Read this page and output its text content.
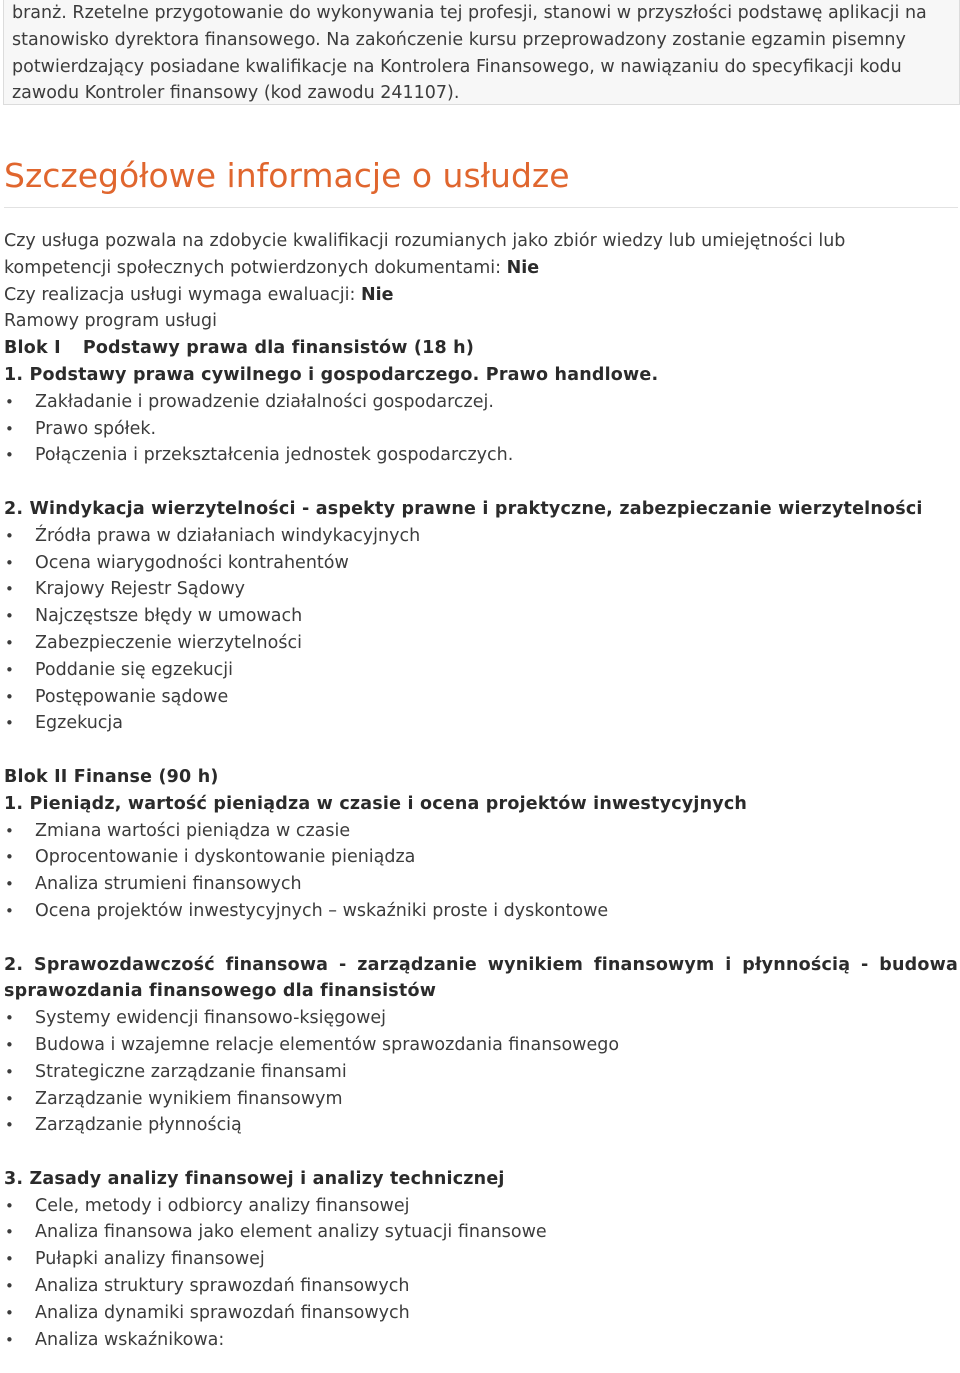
branż. Rzetelne przygotowanie do wykonywania tej profesji, stanowi w przyszłości podstawę aplikacji na stanowisko dyrektora finansowego. Na zakończenie kursu przeprowadzony zostanie egzamin pisemny potwierdzający posiadane kwalifikacje na Kontrolera Finansowego, w nawiązaniu do specyfikacji kodu zawodu Kontroler finansowy (kod zawodu 241107).

Szczegółowe informacje o usłudze

Czy usługa pozwala na zdobycie kwalifikacji rozumianych jako zbiór wiedzy lub umiejętności lub kompetencji społecznych potwierdzonych dokumentami: Nie

Czy realizacja usługi wymaga ewaluacji: Nie

Ramowy program usługi

Blok I Podstawy prawa dla finansistów (18 h)

1. Podstawy prawa cywilnego i gospodarczego. Prawo handlowe.

• Zakładanie i prowadzenie działalności gospodarczej.
• Prawo spółek.
• Połączenia i przekształcenia jednostek gospodarczych.

2. Windykacja wierzytelności - aspekty prawne i praktyczne, zabezpieczanie wierzytelności

• Źródła prawa w działaniach windykacyjnych
• Ocena wiarygodności kontrahentów
• Krajowy Rejestr Sądowy
• Najczęstsze błędy w umowach
• Zabezpieczenie wierzytelności
• Poddanie się egzekucji
• Postępowanie sądowe
• Egzekucja

Blok II Finanse (90 h)

1. Pieniądz, wartość pieniądza w czasie i ocena projektów inwestycyjnych

• Zmiana wartości pieniądza w czasie
• Oprocentowanie i dyskontowanie pieniądza
• Analiza strumieni finansowych
• Ocena projektów inwestycyjnych – wskaźniki proste i dyskontowe

2. Sprawozdawczość finansowa - zarządzanie wynikiem finansowym i płynnością - budowa sprawozdania finansowego dla finansistów

• Systemy ewidencji finansowo-księgowej
• Budowa i wzajemne relacje elementów sprawozdania finansowego
• Strategiczne zarządzanie finansami
• Zarządzanie wynikiem finansowym
• Zarządzanie płynnością

3. Zasady analizy finansowej i analizy technicznej

• Cele, metody i odbiorcy analizy finansowej
• Analiza finansowa jako element analizy sytuacji finansowe
• Pułapki analizy finansowej
• Analiza struktury sprawozdań finansowych
• Analiza dynamiki sprawozdań finansowych
• Analiza wskaźnikowa:
